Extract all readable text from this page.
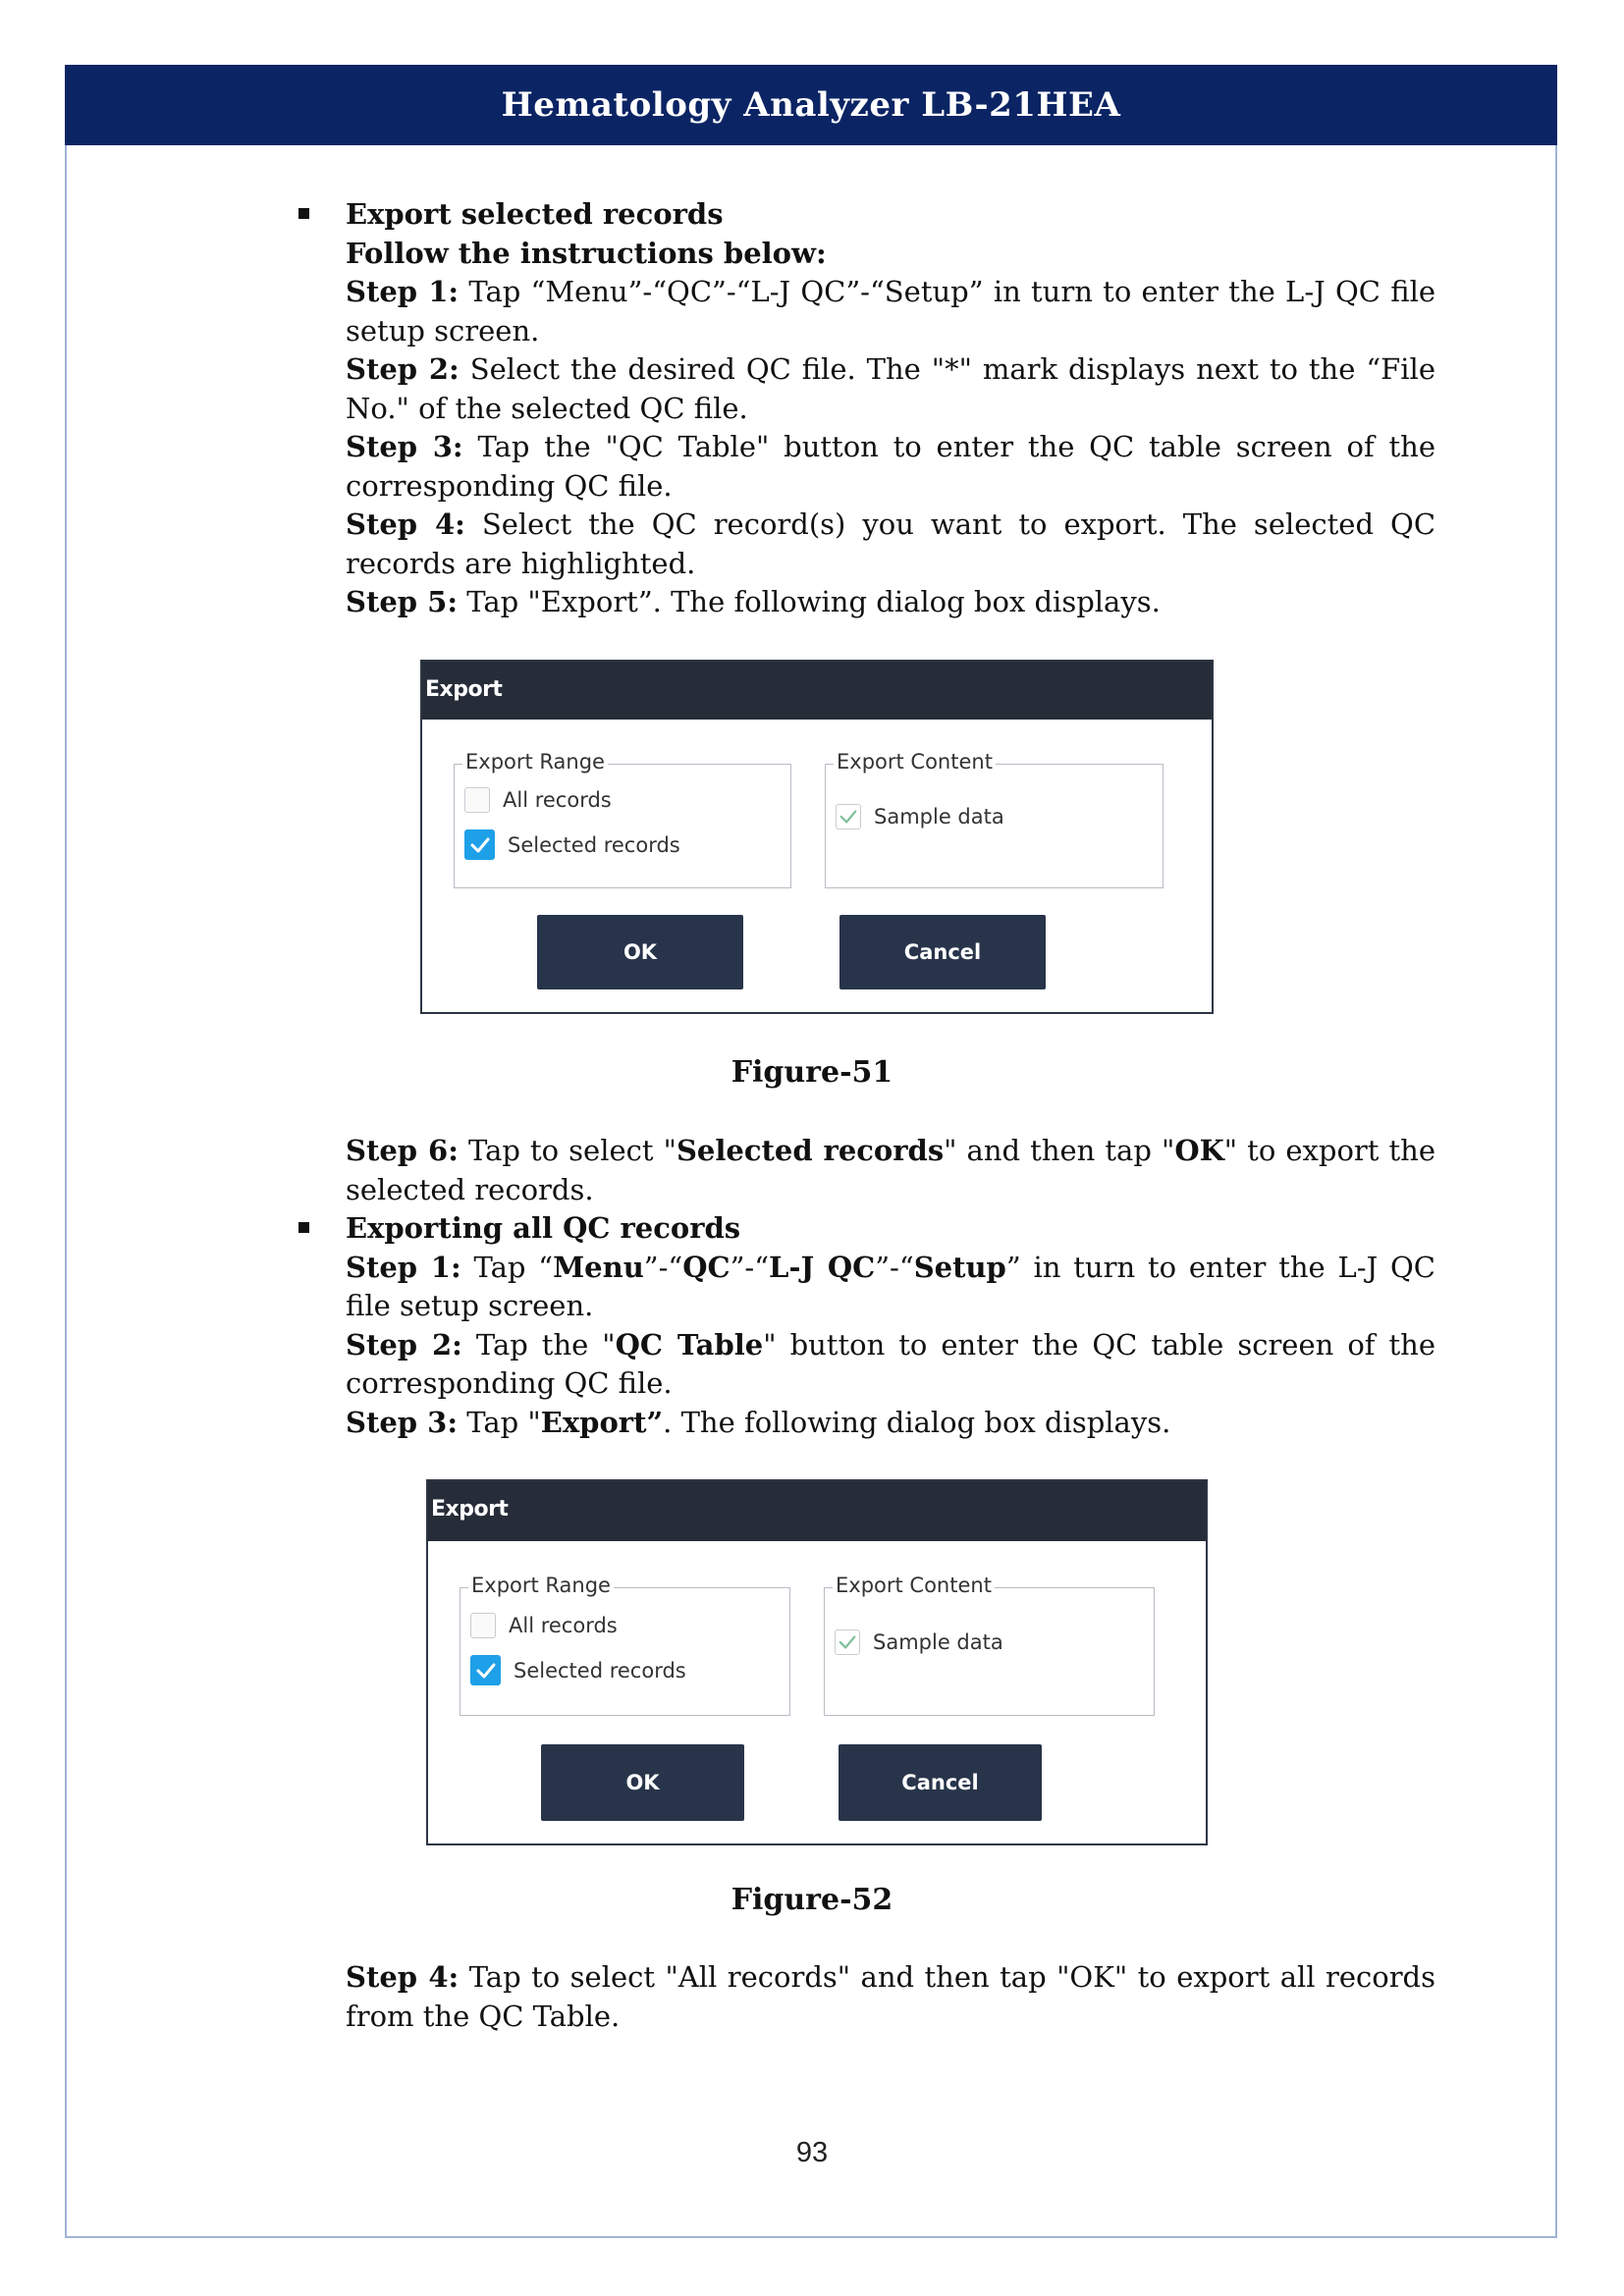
Hematology Analyzer LB-21HEA

Export selected records

Follow the instructions below:

Step 1: Tap “Menu”-“QC”-“L-J QC”-“Setup” in turn to enter the L-J QC file setup screen.

Step 2: Select the desired QC file. The "*" mark displays next to the “File No." of the selected QC file.

Step 3: Tap the "QC Table" button to enter the QC table screen of the corresponding QC file.

Step 4: Select the QC record(s) you want to export. The selected QC records are highlighted.

Step 5: Tap "Export”. The following dialog box displays.

Export
Export Range
All records
Selected records
Export Content
Sample data
OK	Cancel
Figure-51

Step 6: Tap to select "Selected records" and then tap "OK" to export the selected records.

Exporting all QC records

Step 1: Tap “Menu”-“QC”-“L-J QC”-“Setup” in turn to enter the L-J QC file setup screen.

Step 2: Tap the "QC Table" button to enter the QC table screen of the corresponding QC file.

Step 3: Tap "Export”. The following dialog box displays.

Export
Export Range
All records
Selected records
Export Content
Sample data
OK	Cancel
Figure-52

Step 4: Tap to select "All records" and then tap "OK" to export all records from the QC Table.

93
